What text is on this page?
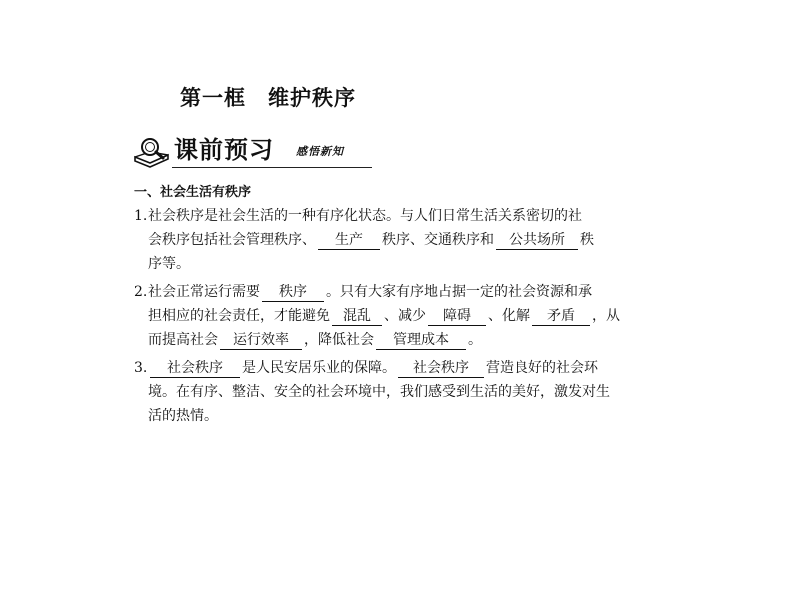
第一框　维护秩序
课前预习 感悟新知
一、社会生活有秩序
1. 社会秩序是社会生活的一种有序化状态。与人们日常生活关系密切的社
会秩序包括社会管理秩序、 生产 秩序、交通秩序和 公共场所 秩
序等。
2. 社会正常运行需要 秩序 。只有大家有序地占据一定的社会资源和承
担相应的社会责任，才能避免 混乱 、减少 障碍 、化解 矛盾 ，从
而提高社会 运行效率 ，降低社会 管理成本 。
3.	社会秩序 是人民安居乐业的保障。 社会秩序 营造良好的社会环
境。在有序、整洁、安全的社会环境中，我们感受到生活的美好，激发对生
活的热情。
